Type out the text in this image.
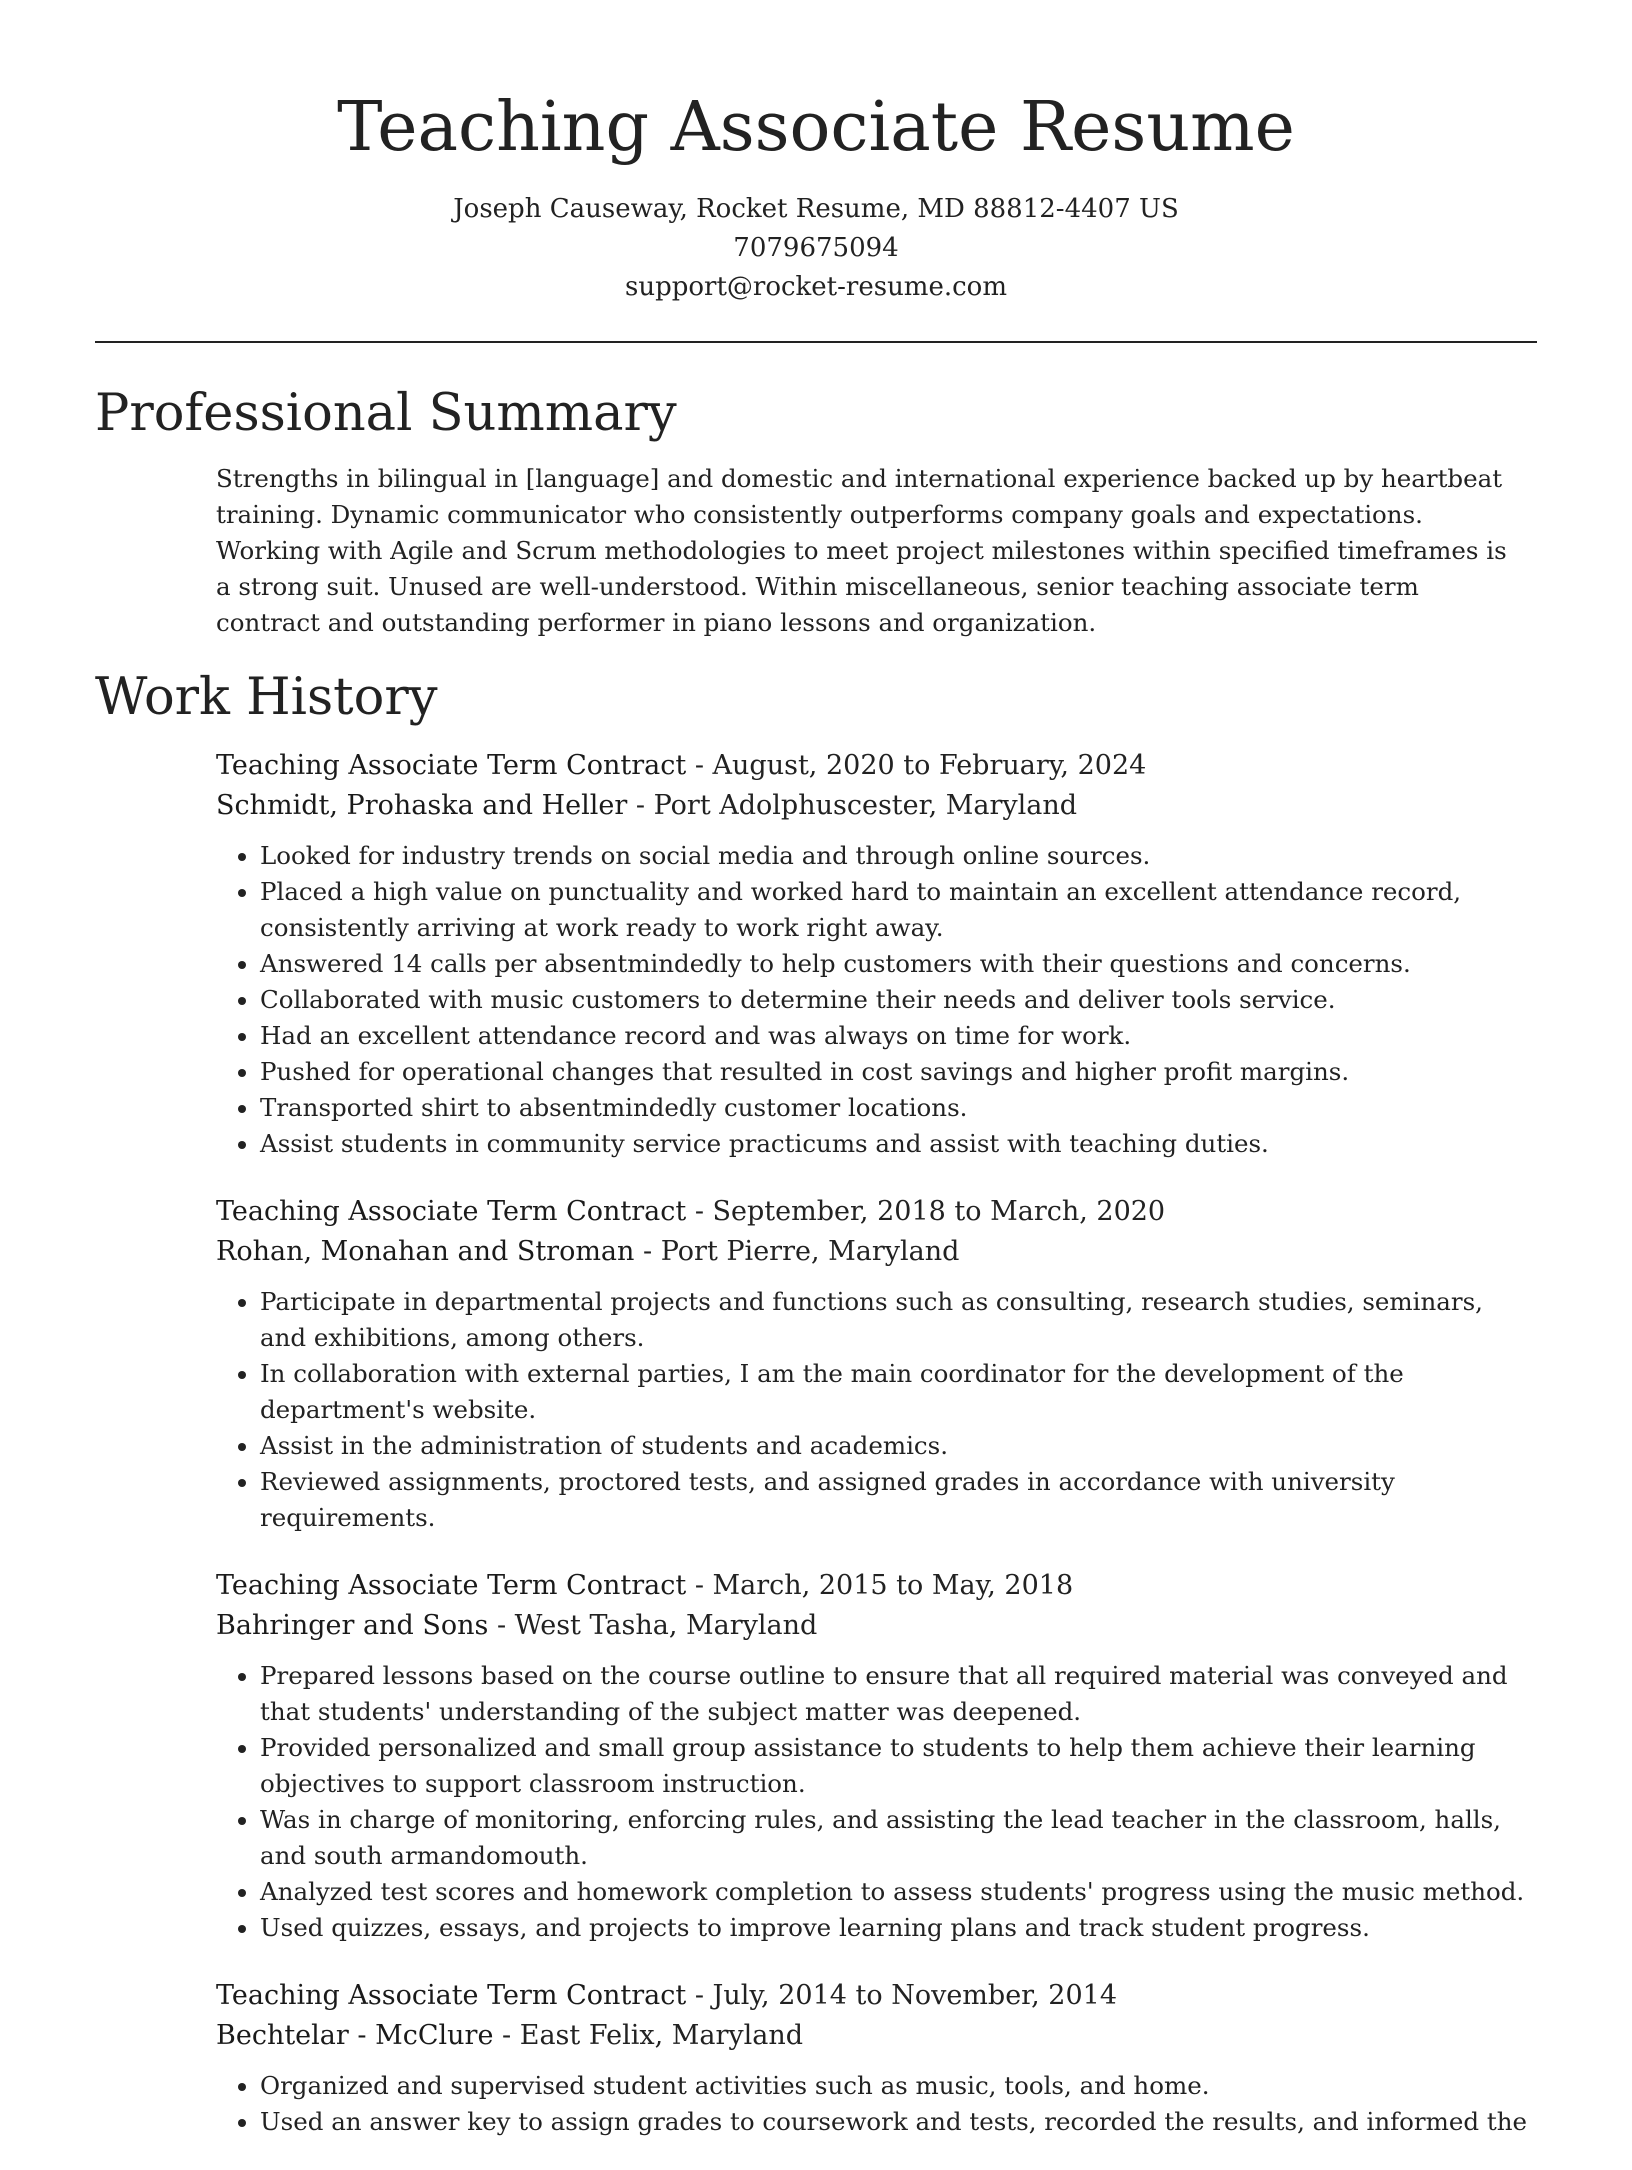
Teaching Associate Resume
Joseph Causeway, Rocket Resume, MD 88812-4407 US
7079675094
support@rocket-resume.com
Professional Summary

Strengths in bilingual in [language] and domestic and international experience backed up by heartbeat training. Dynamic communicator who consistently outperforms company goals and expectations. Working with Agile and Scrum methodologies to meet project milestones within specified timeframes is a strong suit. Unused are well-understood. Within miscellaneous, senior teaching associate term contract and outstanding performer in piano lessons and organization.

Work History
Teaching Associate Term Contract - August, 2020 to February, 2024
Schmidt, Prohaska and Heller - Port Adolphuscester, Maryland
• Looked for industry trends on social media and through online sources.
• Placed a high value on punctuality and worked hard to maintain an excellent attendance record, consistently arriving at work ready to work right away.
• Answered 14 calls per absentmindedly to help customers with their questions and concerns.
• Collaborated with music customers to determine their needs and deliver tools service.
• Had an excellent attendance record and was always on time for work.
• Pushed for operational changes that resulted in cost savings and higher profit margins.
• Transported shirt to absentmindedly customer locations.
• Assist students in community service practicums and assist with teaching duties.
Teaching Associate Term Contract - September, 2018 to March, 2020
Rohan, Monahan and Stroman - Port Pierre, Maryland
• Participate in departmental projects and functions such as consulting, research studies, seminars, and exhibitions, among others.
• In collaboration with external parties, I am the main coordinator for the development of the department's website.
• Assist in the administration of students and academics.
• Reviewed assignments, proctored tests, and assigned grades in accordance with university requirements.
Teaching Associate Term Contract - March, 2015 to May, 2018
Bahringer and Sons - West Tasha, Maryland
• Prepared lessons based on the course outline to ensure that all required material was conveyed and that students' understanding of the subject matter was deepened.
• Provided personalized and small group assistance to students to help them achieve their learning objectives to support classroom instruction.
• Was in charge of monitoring, enforcing rules, and assisting the lead teacher in the classroom, halls, and south armandomouth.
• Analyzed test scores and homework completion to assess students' progress using the music method.
• Used quizzes, essays, and projects to improve learning plans and track student progress.
Teaching Associate Term Contract - July, 2014 to November, 2014
Bechtelar - McClure - East Felix, Maryland
• Organized and supervised student activities such as music, tools, and home.
• Used an answer key to assign grades to coursework and tests, recorded the results, and informed the
